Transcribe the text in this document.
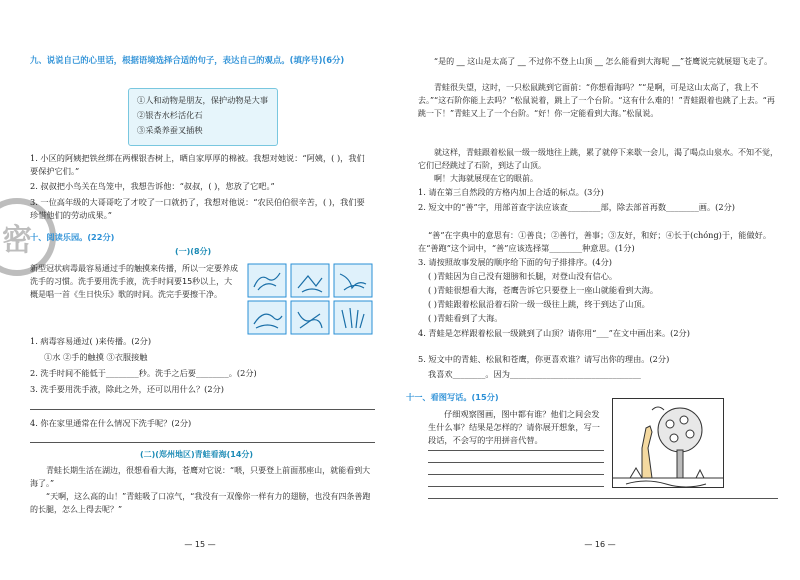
密
九、说说自己的心里话，根据语境选择合适的句子，表达自己的观点。(填序号)(6分)
①人和动物是朋友，保护动物是大事
②银杏水杉活化石
③采桑养蚕叉插秧
1. 小区的阿姨把铁丝绑在两棵银杏树上，晒自家厚厚的棉被。我想对她说：“阿姨，( )，我们要保护它们。”
2. 叔叔把小鸟关在鸟笼中，我想告诉他：“叔叔，( )，您放了它吧。”
3. 一位高年级的大哥哥吃了才咬了一口就扔了，我想对他说：“农民伯伯很辛苦，( )，我们要珍惜他们的劳动成果。”
十、阅读乐园。(22分)
(一)(8分)
新型冠状病毒最容易通过手的触摸来传播，所以一定要养成洗手的习惯。洗手要用洗手液，洗手时间要15秒以上，大概是唱一首《生日快乐》歌的时间。洗完手要擦干净。
1. 病毒容易通过( )来传播。(2分)
①水 ②手的触摸 ③衣服接触
2. 洗手时间不能低于________秒。洗手之后要________。(2分)
3. 洗手要用洗手液，除此之外，还可以用什么？(2分)
4. 你在家里通常在什么情况下洗手呢？(2分)
(二)(郑州地区)青蛙看海(14分)
青蛙长期生活在湖边，很想看看大海，苍鹰对它说：“喂，只要登上前面那座山，就能看到大海了。”
“天啊，这么高的山！”青蛙吸了口凉气，“我没有一双像你一样有力的翅膀，也没有四条善跑的长腿，怎么上得去呢？”
— 15 —
“是的 __ 这山是太高了 __ 不过你不登上山顶 __ 怎么能看到大海呢 __”苍鹰说完就展翅飞走了。
青蛙很失望，这时，一只松鼠跳到它面前：“你想看海吗？”“是啊，可是这山太高了，我上不去。”“这石阶你能上去吗？”松鼠说着，跳上了一个台阶。“这有什么难的！”青蛙跟着也跳了上去。“再跳一下！”青蛙又上了一个台阶。“好！你一定能看到大海。”松鼠说。
就这样，青蛙跟着松鼠一级一级地往上跳，累了就停下来歇一会儿，渴了喝点山泉水。不知不觉，它们已经跳过了石阶，到达了山顶。
啊！大海就展现在它的眼前。
1. 请在第三自然段的方格内加上合适的标点。(3分)
2. 短文中的“善”字，用部首查字法应该查________部，除去部首再数________画。(2分)
“善”在字典中的意思有：①善良；②善行，善事；③友好，和好；④长于(chóng)于，能做好。在“善跑”这个词中，“善”应该选择第________种意思。(1分)
3. 请按照故事发展的顺序给下面的句子排排序。(4分)
( )青蛙因为自己没有翅膀和长腿，对登山没有信心。
( )青蛙很想看大海，苍鹰告诉它只要登上一座山就能看到大海。
( )青蛙跟着松鼠沿着石阶一级一级往上跳，终于到达了山顶。
( )青蛙看到了大海。
4. 青蛙是怎样跟着松鼠一级跳到了山顶？请你用“___”在文中画出来。(2分)
5. 短文中的青蛙、松鼠和苍鹰，你更喜欢谁？请写出你的理由。(2分)
我喜欢________。因为________________________________
十一、看图写话。(15分)
仔细观察图画，图中都有谁？他们之间会发生什么事？结果是怎样的？请你展开想象，写一段话，不会写的字用拼音代替。
— 16 —
